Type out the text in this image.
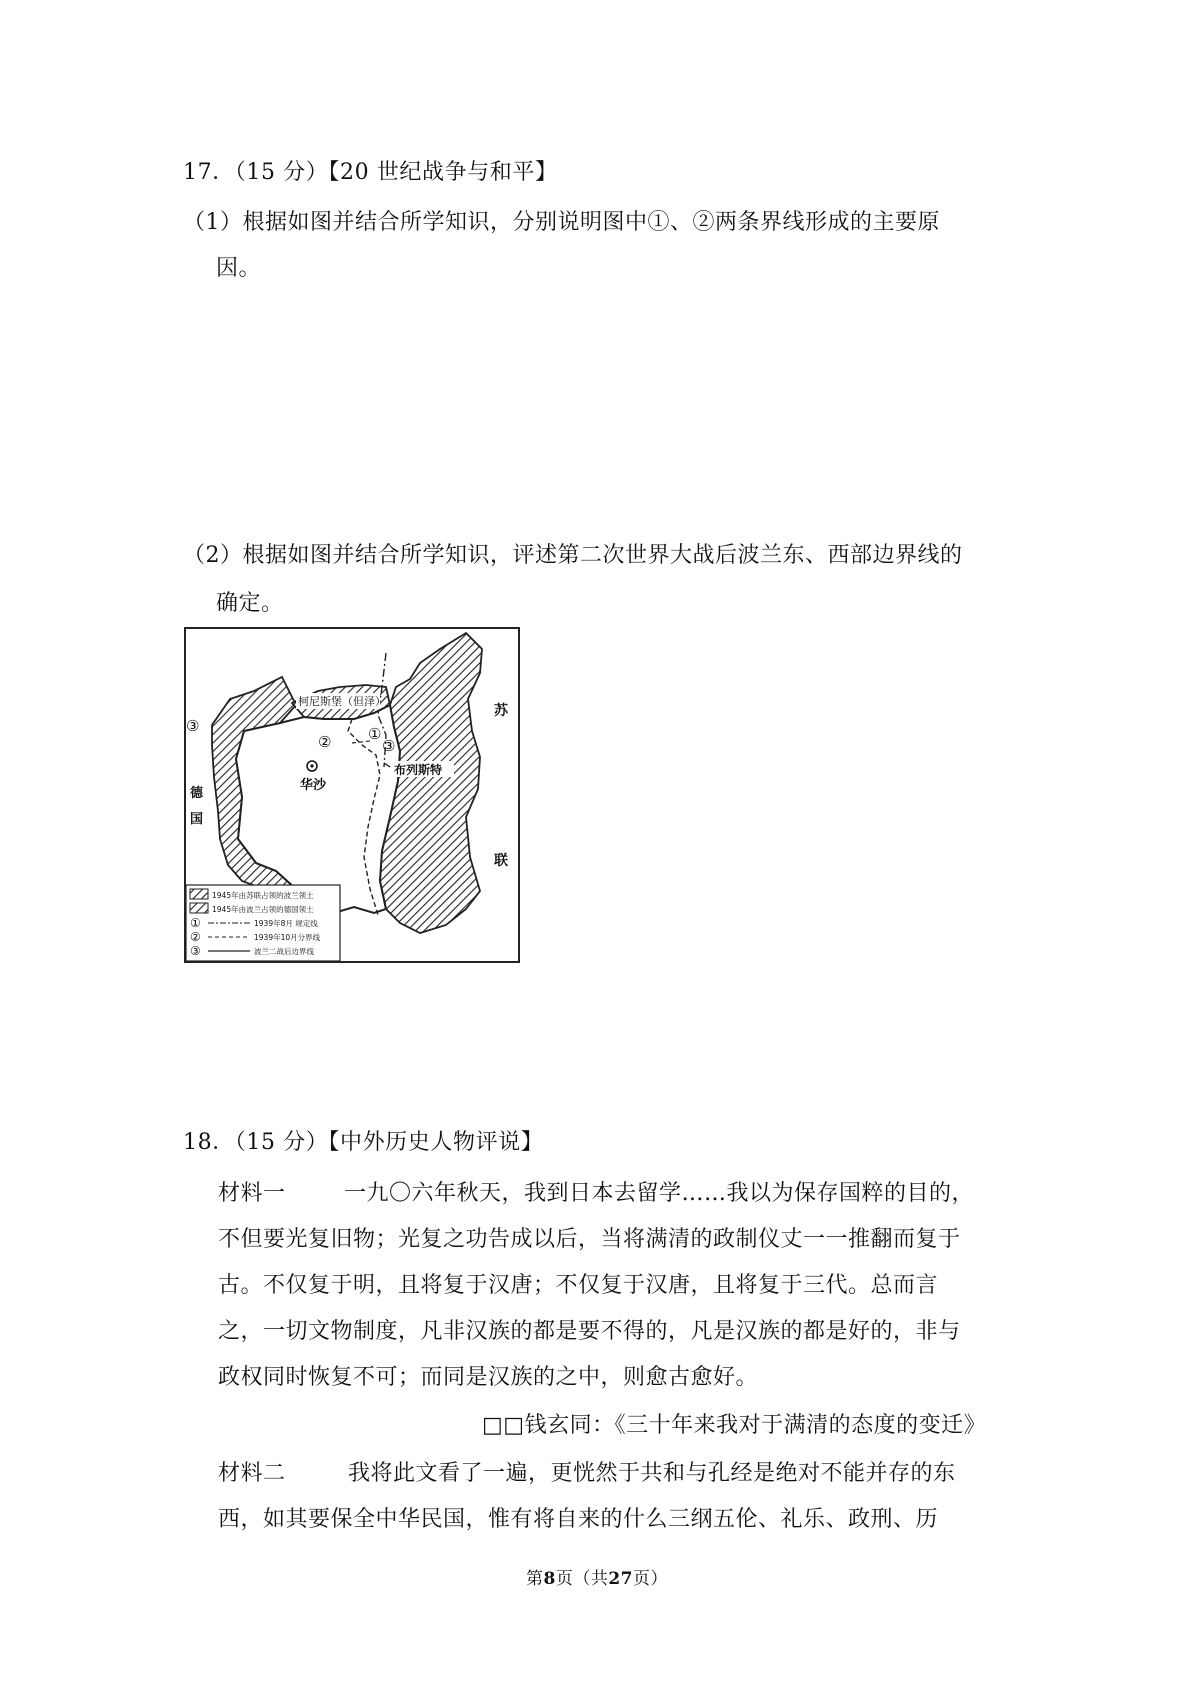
17．（15 分）【20 世纪战争与和平】
（1）根据如图并结合所学知识，分别说明图中①、②两条界线形成的主要原
因。
（2）根据如图并结合所学知识，评述第二次世界大战后波兰东、西部边界线的
确定。
柯尼斯堡（但泽）
华沙
布列斯特
② ①
③
③
德
国
苏
联
1945年由苏联占领的波兰领土
1945年由波兰占领的德国领土
①	1939年8月 规定线
②	1939年10月分界线
③	波兰二战后边界线
18．（15 分）【中外历史人物评说】
材料一	一九〇六年秋天，我到日本去留学……我以为保存国粹的目的，
不但要光复旧物；光复之功告成以后，当将满清的政制仪丈一一推翻而复于
古。不仅复于明，且将复于汉唐；不仅复于汉唐，且将复于三代。总而言
之，一切文物制度，凡非汉族的都是要不得的，凡是汉族的都是好的，非与
政权同时恢复不可；而同是汉族的之中，则愈古愈好。
□□钱玄同：《三十年来我对于满清的态度的变迁》
材料二	我将此文看了一遍，更恍然于共和与孔经是绝对不能并存的东
西，如其要保全中华民国，惟有将自来的什么三纲五伦、礼乐、政刑、历
第8页（共27页）
